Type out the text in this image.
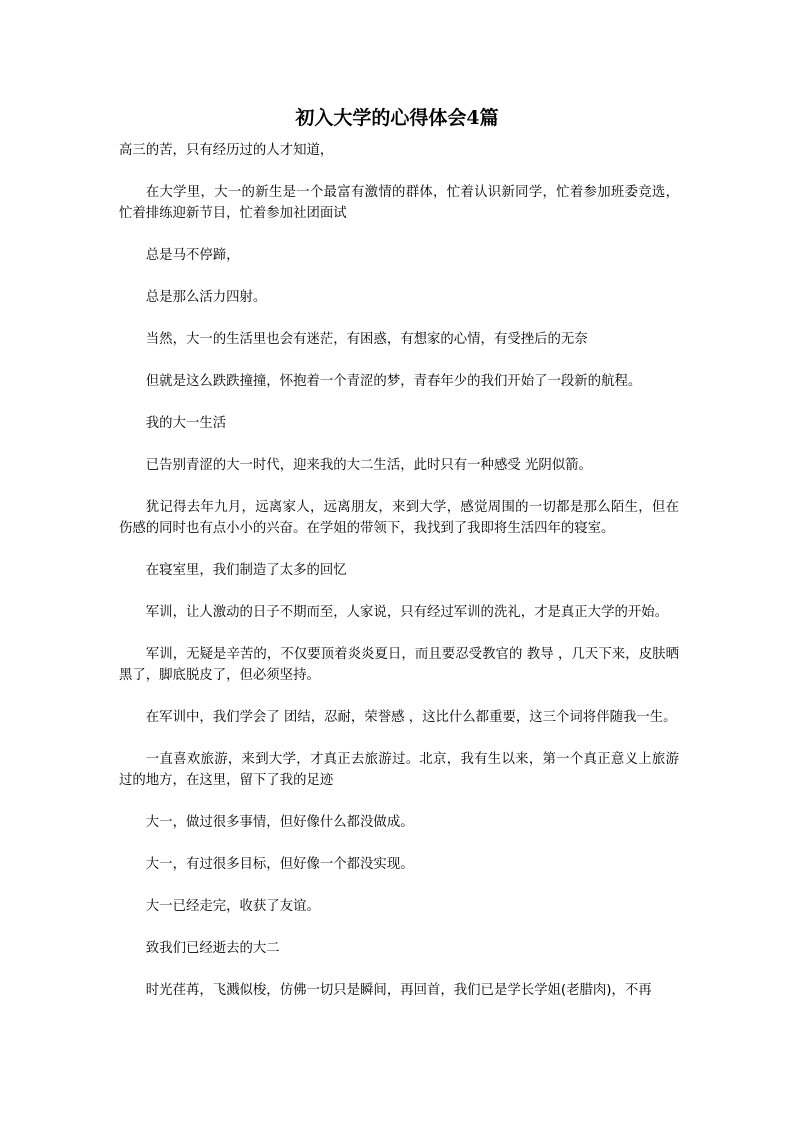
初入大学的心得体会4篇

高三的苦，只有经历过的人才知道，

在大学里，大一的新生是一个最富有激情的群体，忙着认识新同学，忙着参加班委竞选，忙着排练迎新节目，忙着参加社团面试

总是马不停蹄，

总是那么活力四射。

当然，大一的生活里也会有迷茫，有困惑，有想家的心情，有受挫后的无奈

但就是这么跌跌撞撞，怀抱着一个青涩的梦，青春年少的我们开始了一段新的航程。

我的大一生活

已告别青涩的大一时代，迎来我的大二生活，此时只有一种感受 光阴似箭。

犹记得去年九月，远离家人，远离朋友，来到大学，感觉周围的一切都是那么陌生，但在伤感的同时也有点小小的兴奋。在学姐的带领下，我找到了我即将生活四年的寝室。

在寝室里，我们制造了太多的回忆

军训，让人激动的日子不期而至，人家说，只有经过军训的洗礼，才是真正大学的开始。

军训，无疑是辛苦的，不仅要顶着炎炎夏日，而且要忍受教官的 教导 ，几天下来，皮肤晒黑了，脚底脱皮了，但必须坚持。

在军训中，我们学会了 团结，忍耐，荣誉感 ，这比什么都重要，这三个词将伴随我一生。

一直喜欢旅游，来到大学，才真正去旅游过。北京，我有生以来，第一个真正意义上旅游过的地方，在这里，留下了我的足迹

大一，做过很多事情，但好像什么都没做成。

大一，有过很多目标，但好像一个都没实现。

大一已经走完，收获了友谊。

致我们已经逝去的大二

时光荏苒，飞溅似梭，仿佛一切只是瞬间，再回首，我们已是学长学姐(老腊肉)，不再
